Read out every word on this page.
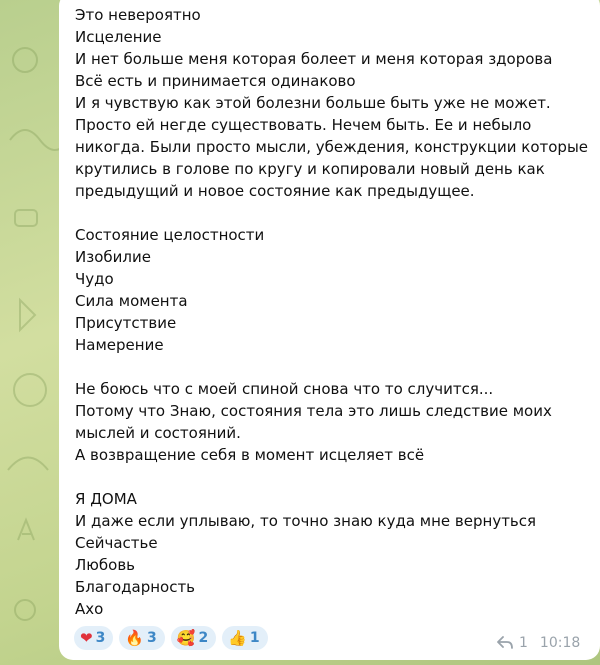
Это невероятно
Исцеление
И нет больше меня которая болеет и меня которая здорова
Всё есть и принимается одинаково
И я чувствую как этой болезни больше быть уже не может.
Просто ей негде существовать. Нечем быть. Ее и небыло
никогда. Были просто мысли, убеждения, конструкции которые
крутились в голове по кругу и копировали новый день как
предыдущий и новое состояние как предыдущее.
Состояние целостности
Изобилие
Чудо
Сила момента
Присутствие
Намерение
Не боюсь что с моей спиной снова что то случится...
Потому что Знаю, состояния тела это лишь следствие моих
мыслей и состояний.
А возвращение себя в момент исцеляет всё
Я ДОМА
И даже если уплываю, то точно знаю куда мне вернуться
Сейчастье
Любовь
Благодарность
Ахо
❤ 3 🔥 3 🥰 2 👍 1	1 10:18
